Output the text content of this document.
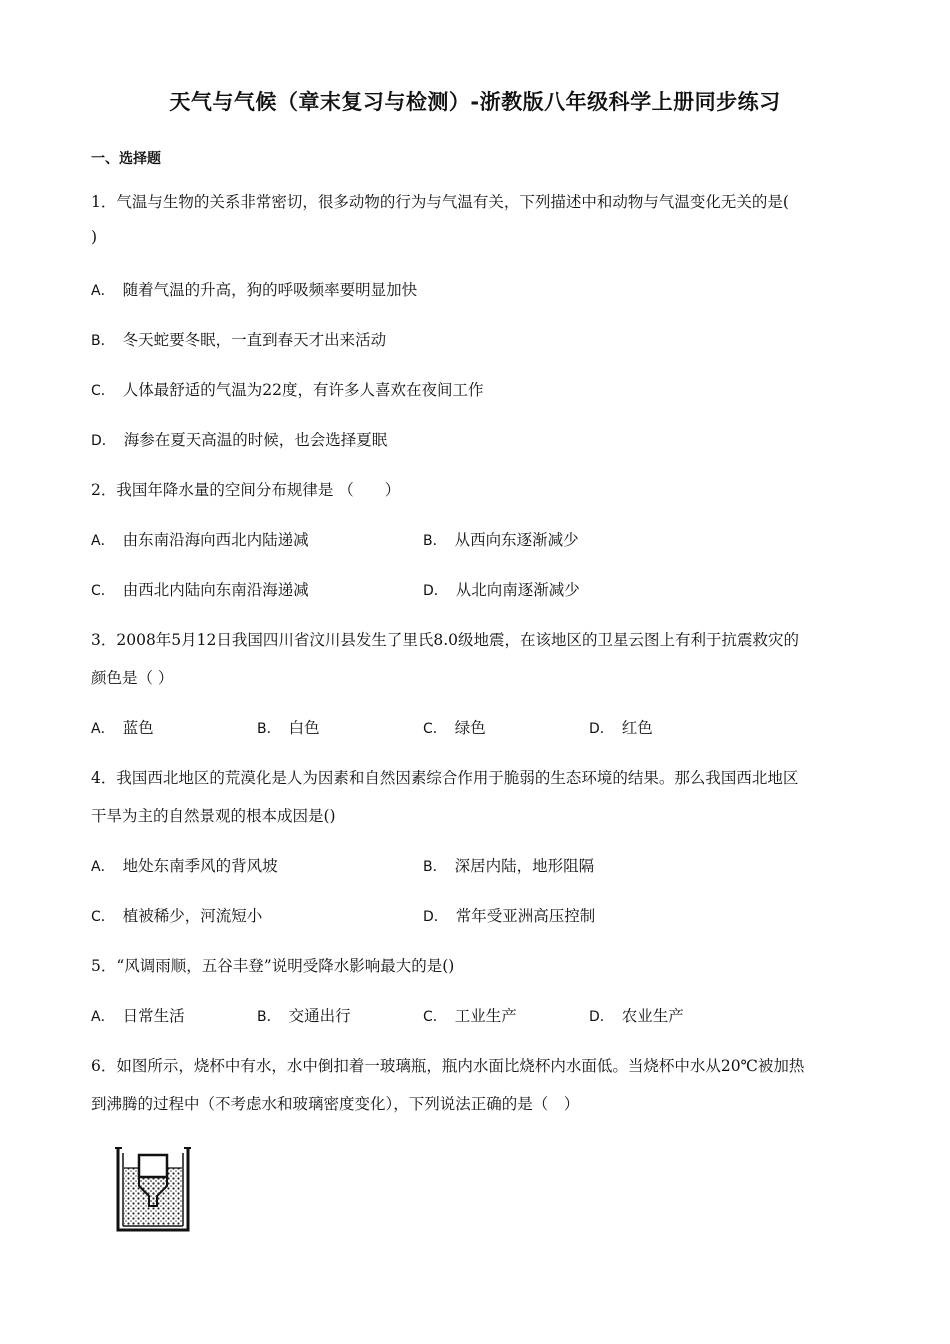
天气与气候（章末复习与检测）-浙教版八年级科学上册同步练习
一、选择题
1．气温与生物的关系非常密切，很多动物的行为与气温有关，下列描述中和动物与气温变化无关的是(
)
A． 随着气温的升高，狗的呼吸频率要明显加快
B． 冬天蛇要冬眠，一直到春天才出来活动
C． 人体最舒适的气温为22度，有许多人喜欢在夜间工作
D． 海参在夏天高温的时候，也会选择夏眠
2．我国年降水量的空间分布规律是 （　　）
A． 由东南沿海向西北内陆递减	B． 从西向东逐渐减少
C． 由西北内陆向东南沿海递减	D． 从北向南逐渐减少
3．2008年5月12日我国四川省汶川县发生了里氏8.0级地震，在该地区的卫星云图上有利于抗震救灾的
颜色是（ ）
A． 蓝色	B． 白色	C． 绿色	D． 红色
4．我国西北地区的荒漠化是人为因素和自然因素综合作用于脆弱的生态环境的结果。那么我国西北地区
干旱为主的自然景观的根本成因是()
A． 地处东南季风的背风坡	B． 深居内陆，地形阻隔
C． 植被稀少，河流短小	D． 常年受亚洲高压控制
5．“风调雨顺，五谷丰登”说明受降水影响最大的是()
A． 日常生活	B． 交通出行	C． 工业生产	D． 农业生产
6．如图所示，烧杯中有水，水中倒扣着一玻璃瓶，瓶内水面比烧杯内水面低。当烧杯中水从20℃被加热
到沸腾的过程中（不考虑水和玻璃密度变化），下列说法正确的是（　）
